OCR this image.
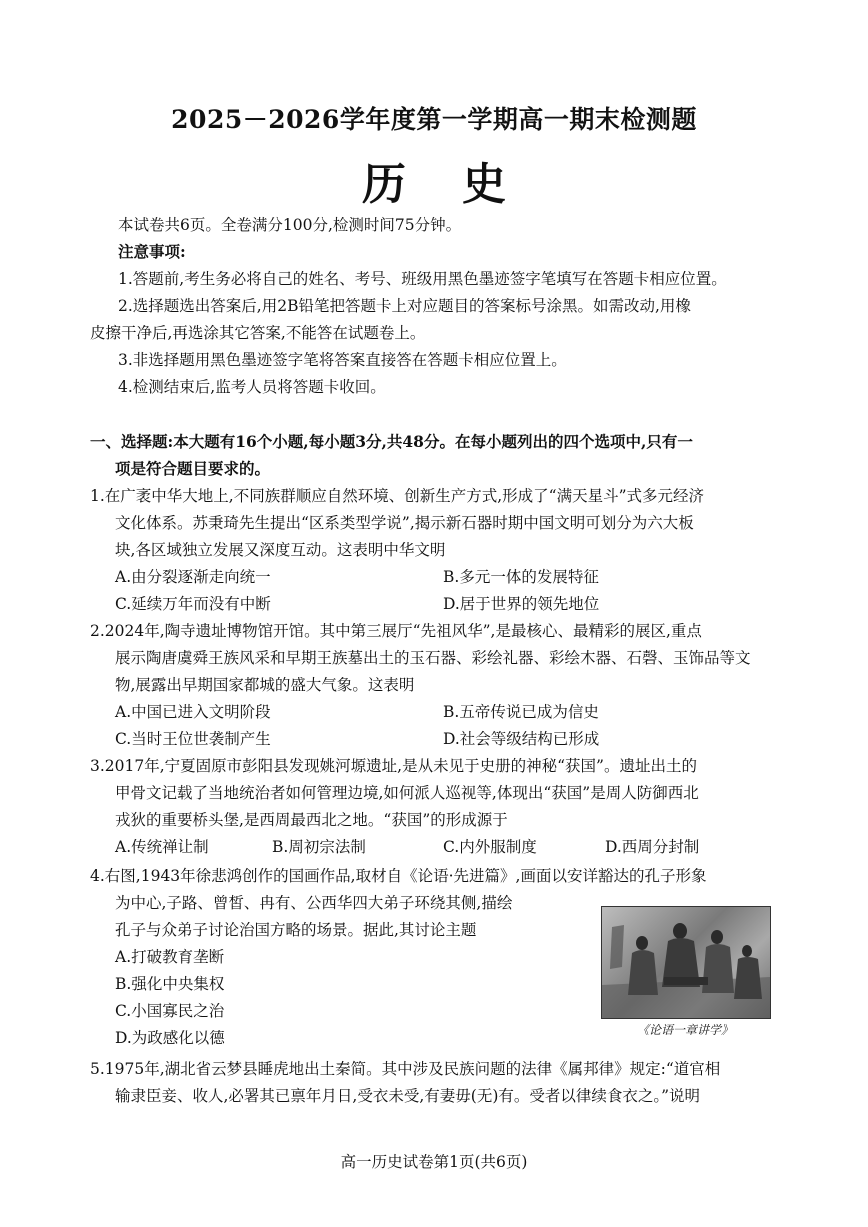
2025－2026学年度第一学期高一期末检测题
历史
本试卷共6页。全卷满分100分,检测时间75分钟。
注意事项:
1.答题前,考生务必将自己的姓名、考号、班级用黑色墨迹签字笔填写在答题卡相应位置。
2.选择题选出答案后,用2B铅笔把答题卡上对应题目的答案标号涂黑。如需改动,用橡
皮擦干净后,再选涂其它答案,不能答在试题卷上。
3.非选择题用黑色墨迹签字笔将答案直接答在答题卡相应位置上。
4.检测结束后,监考人员将答题卡收回。
一、选择题:本大题有16个小题,每小题3分,共48分。在每小题列出的四个选项中,只有一
项是符合题目要求的。
1.在广袤中华大地上,不同族群顺应自然环境、创新生产方式,形成了“满天星斗”式多元经济
文化体系。苏秉琦先生提出“区系类型学说”,揭示新石器时期中国文明可划分为六大板
块,各区域独立发展又深度互动。这表明中华文明
A.由分裂逐渐走向统一	B.多元一体的发展特征
C.延续万年而没有中断	D.居于世界的领先地位
2.2024年,陶寺遗址博物馆开馆。其中第三展厅“先祖风华”,是最核心、最精彩的展区,重点
展示陶唐虞舜王族风采和早期王族墓出土的玉石器、彩绘礼器、彩绘木器、石磬、玉饰品等文
物,展露出早期国家都城的盛大气象。这表明
A.中国已进入文明阶段	B.五帝传说已成为信史
C.当时王位世袭制产生	D.社会等级结构已形成
3.2017年,宁夏固原市彭阳县发现姚河塬遗址,是从未见于史册的神秘“获国”。遗址出土的
甲骨文记载了当地统治者如何管理边境,如何派人巡视等,体现出“获国”是周人防御西北
戎狄的重要桥头堡,是西周最西北之地。“获国”的形成源于
A.传统禅让制	B.周初宗法制	C.内外服制度	D.西周分封制
4.右图,1943年徐悲鸿创作的国画作品,取材自《论语·先进篇》,画面以安详豁达的孔子形象
为中心,子路、曾皙、冉有、公西华四大弟子环绕其侧,描绘
孔子与众弟子讨论治国方略的场景。据此,其讨论主题
A.打破教育垄断
B.强化中央集权
C.小国寡民之治
D.为政感化以德	《论语一章讲学》
5.1975年,湖北省云梦县睡虎地出土秦简。其中涉及民族问题的法律《属邦律》规定:“道官相
输隶臣妾、收人,必署其已禀年月日,受衣未受,有妻毋(无)有。受者以律续食衣之。”说明
高一历史试卷第1页(共6页)
